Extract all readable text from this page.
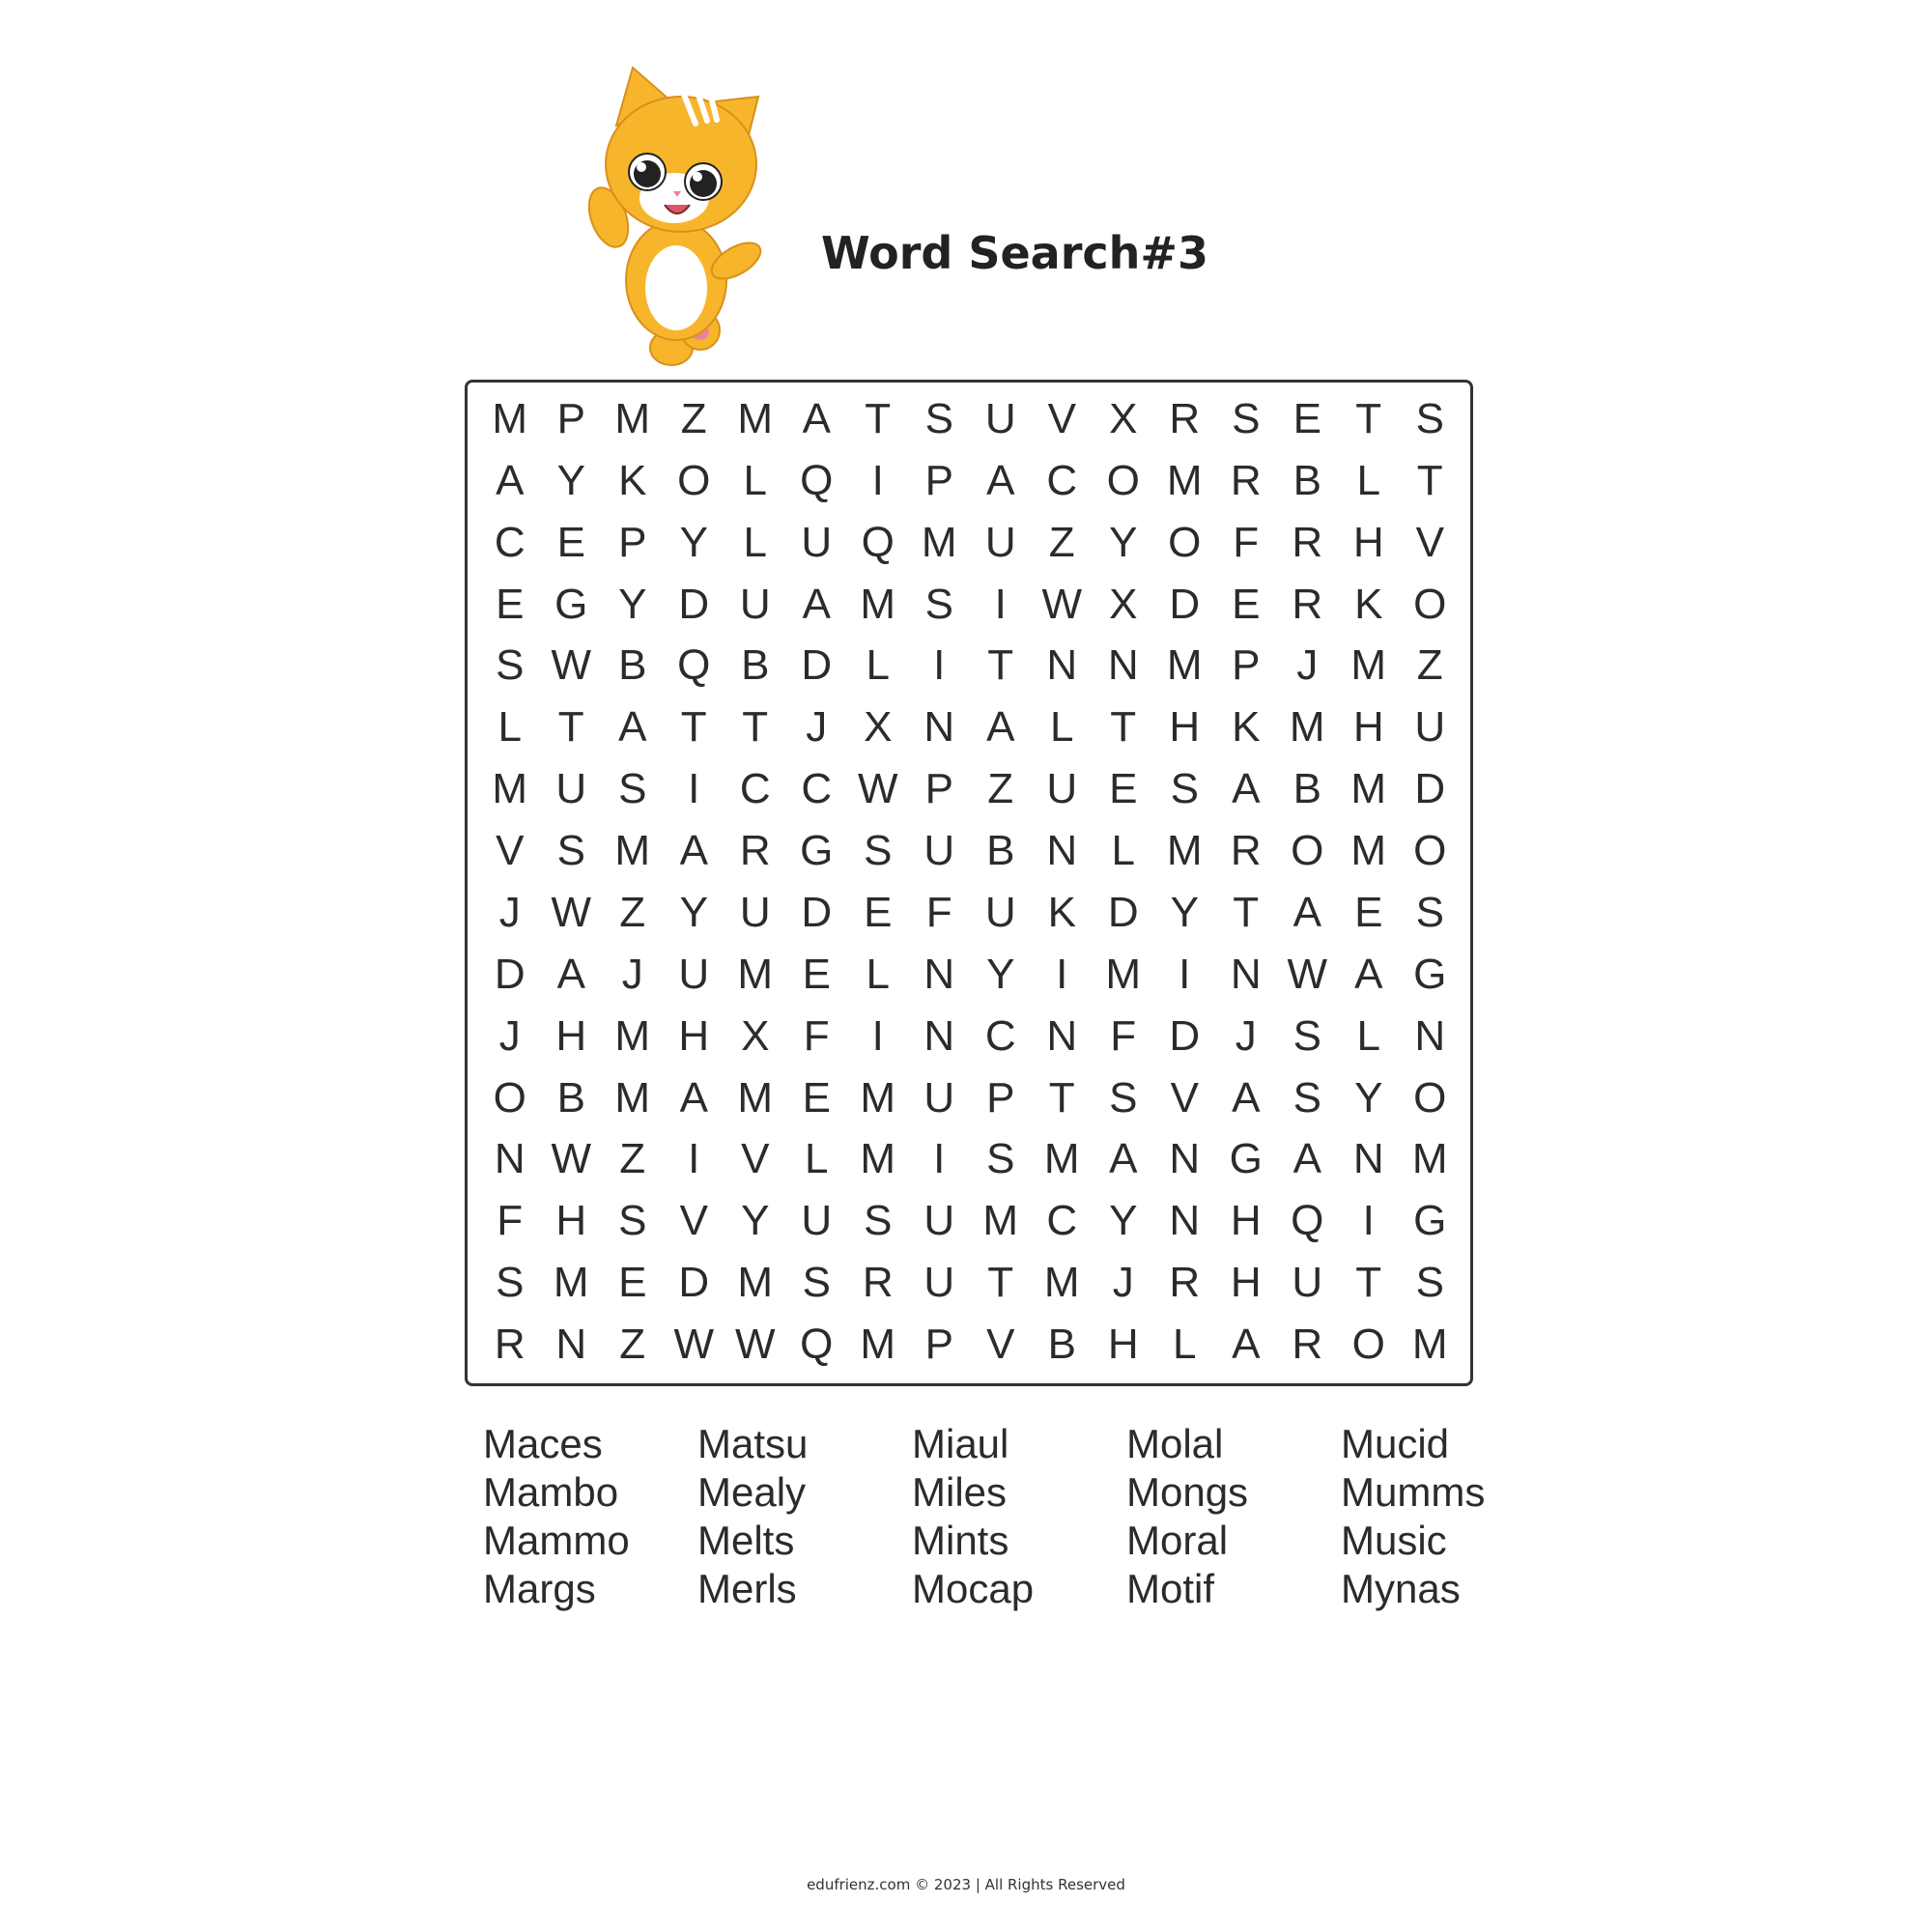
Word Search#3
M P M Z M A T S U V X R S E T S
A Y K O L Q I P A C O M R B L T
C E P Y L U Q M U Z Y O F R H V
E G Y D U A M S I W X D E R K O
S W B Q B D L	I T N N M P J M Z
L T A T T J X N A L T H K M H U
M U S I C C W P Z U E S A B M D
V S M A R G S U B N L M R O M O
J W Z Y U D E F U K D Y T A E S
D A J U M E L N Y I M I N W A G
J H M H X F I N C N F D J S L N
O B M A M E M U P T S V A S Y O
N W Z I V L M I S M A N G A N M
F H S V Y U S U M C Y N H Q I G
S M E D M S R U T M J R H U T S
R N Z W W Q M P V B H L A R O M
Maces
Mambo
Mammo
Margs
Matsu
Mealy
Melts
Merls
Miaul
Miles
Mints
Mocap
Molal
Mongs
Moral
Motif
Mucid
Mumms
Music
Mynas
edufrienz.com © 2023 | All Rights Reserved
